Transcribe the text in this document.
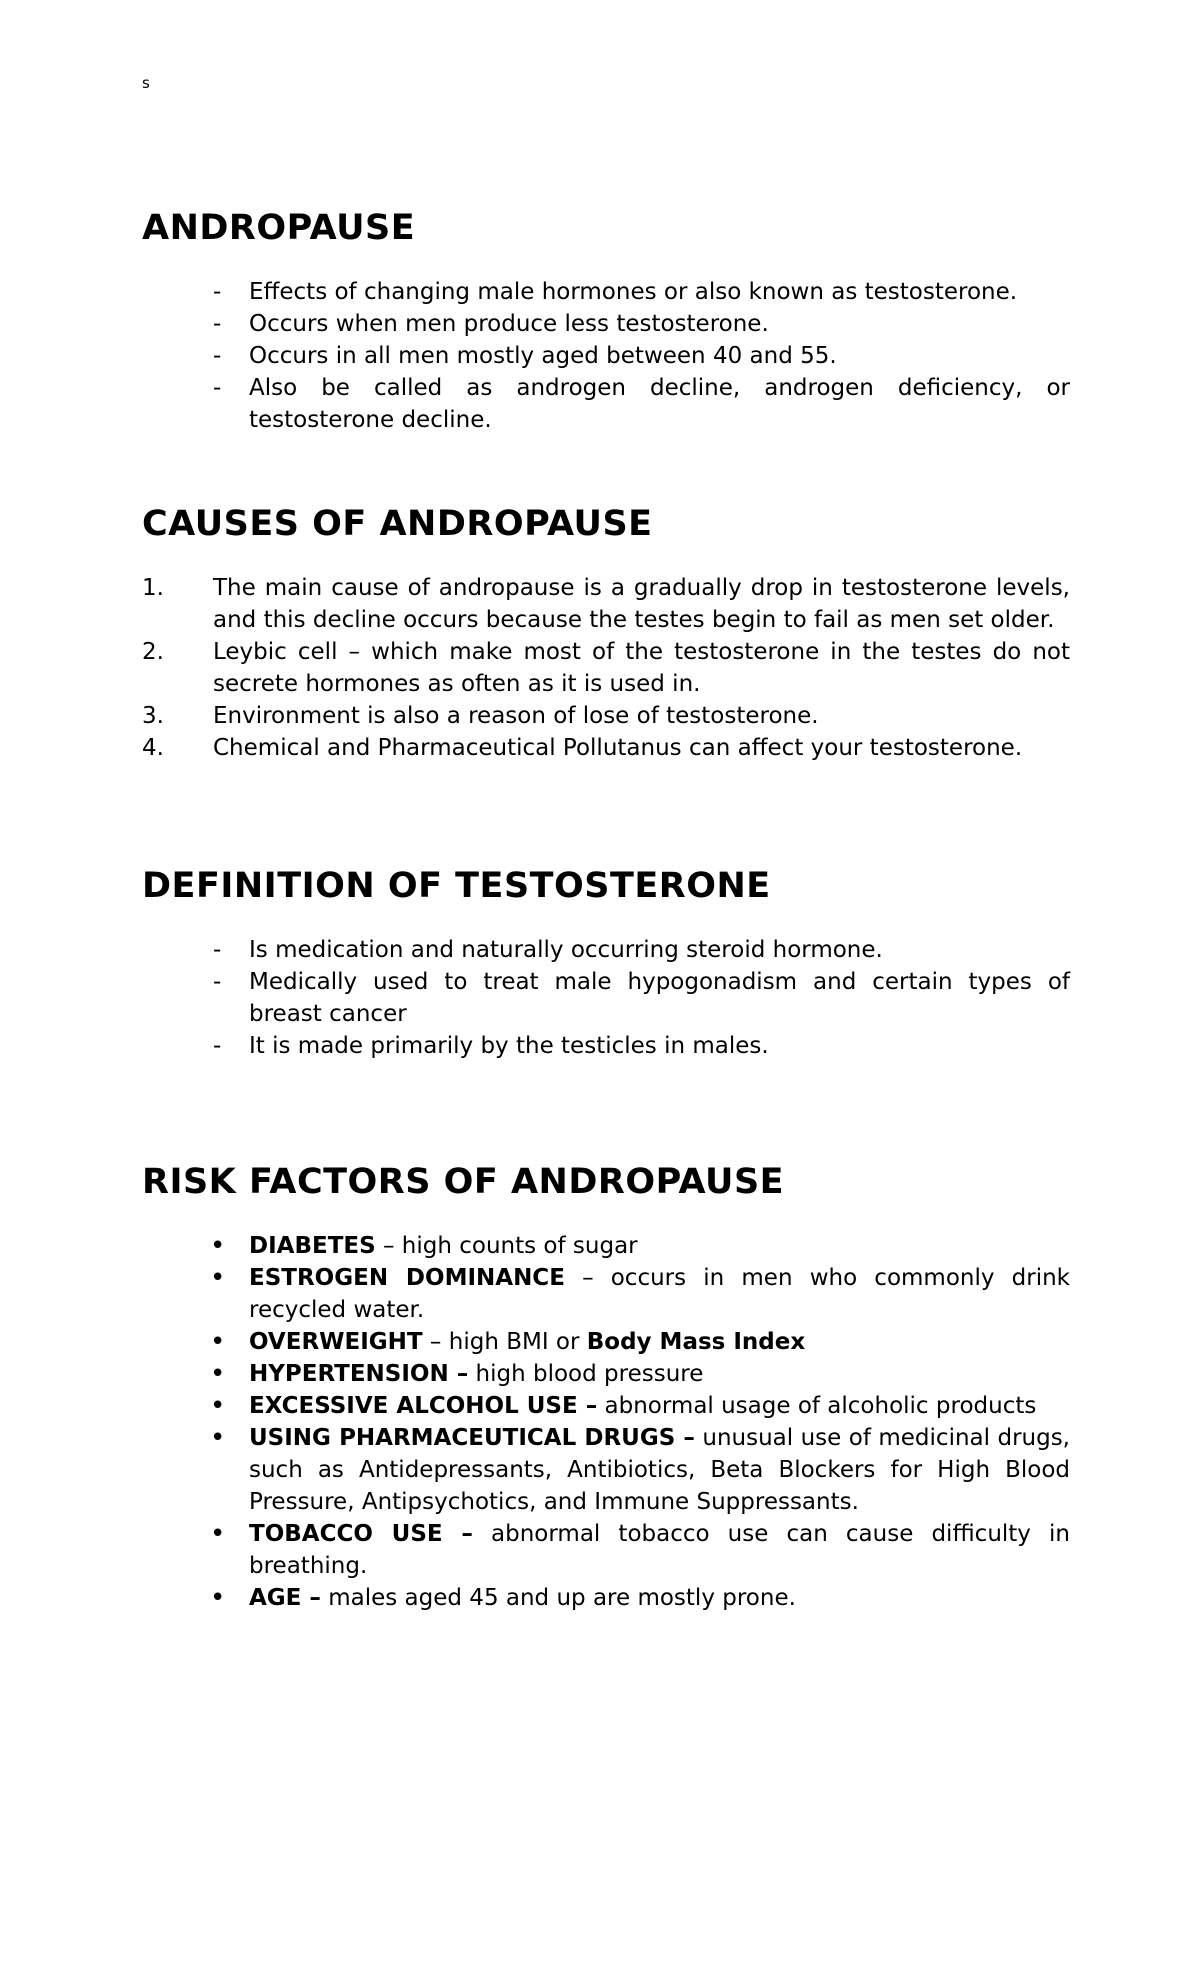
s
ANDROPAUSE
- Effects of changing male hormones or also known as testosterone.
- Occurs when men produce less testosterone.
- Occurs in all men mostly aged between 40 and 55.
- Also be called as androgen decline, androgen deficiency, or testosterone decline.
CAUSES OF ANDROPAUSE
1.	The main cause of andropause is a gradually drop in testosterone levels, and this decline occurs because the testes begin to fail as men set older.
2.	Leybic cell – which make most of the testosterone in the testes do not secrete hormones as often as it is used in.
3.	Environment is also a reason of lose of testosterone.
4.	Chemical and Pharmaceutical Pollutanus can affect your testosterone.
DEFINITION OF TESTOSTERONE
- Is medication and naturally occurring steroid hormone.
- Medically used to treat male hypogonadism and certain types of breast cancer
- It is made primarily by the testicles in males.
RISK FACTORS OF ANDROPAUSE
• DIABETES – high counts of sugar
• ESTROGEN DOMINANCE – occurs in men who commonly drink recycled water.
• OVERWEIGHT – high BMI or Body Mass Index
• HYPERTENSION – high blood pressure
• EXCESSIVE ALCOHOL USE – abnormal usage of alcoholic products
• USING PHARMACEUTICAL DRUGS – unusual use of medicinal drugs, such as Antidepressants, Antibiotics, Beta Blockers for High Blood Pressure, Antipsychotics, and Immune Suppressants.
• TOBACCO USE – abnormal tobacco use can cause difficulty in breathing.
• AGE – males aged 45 and up are mostly prone.
